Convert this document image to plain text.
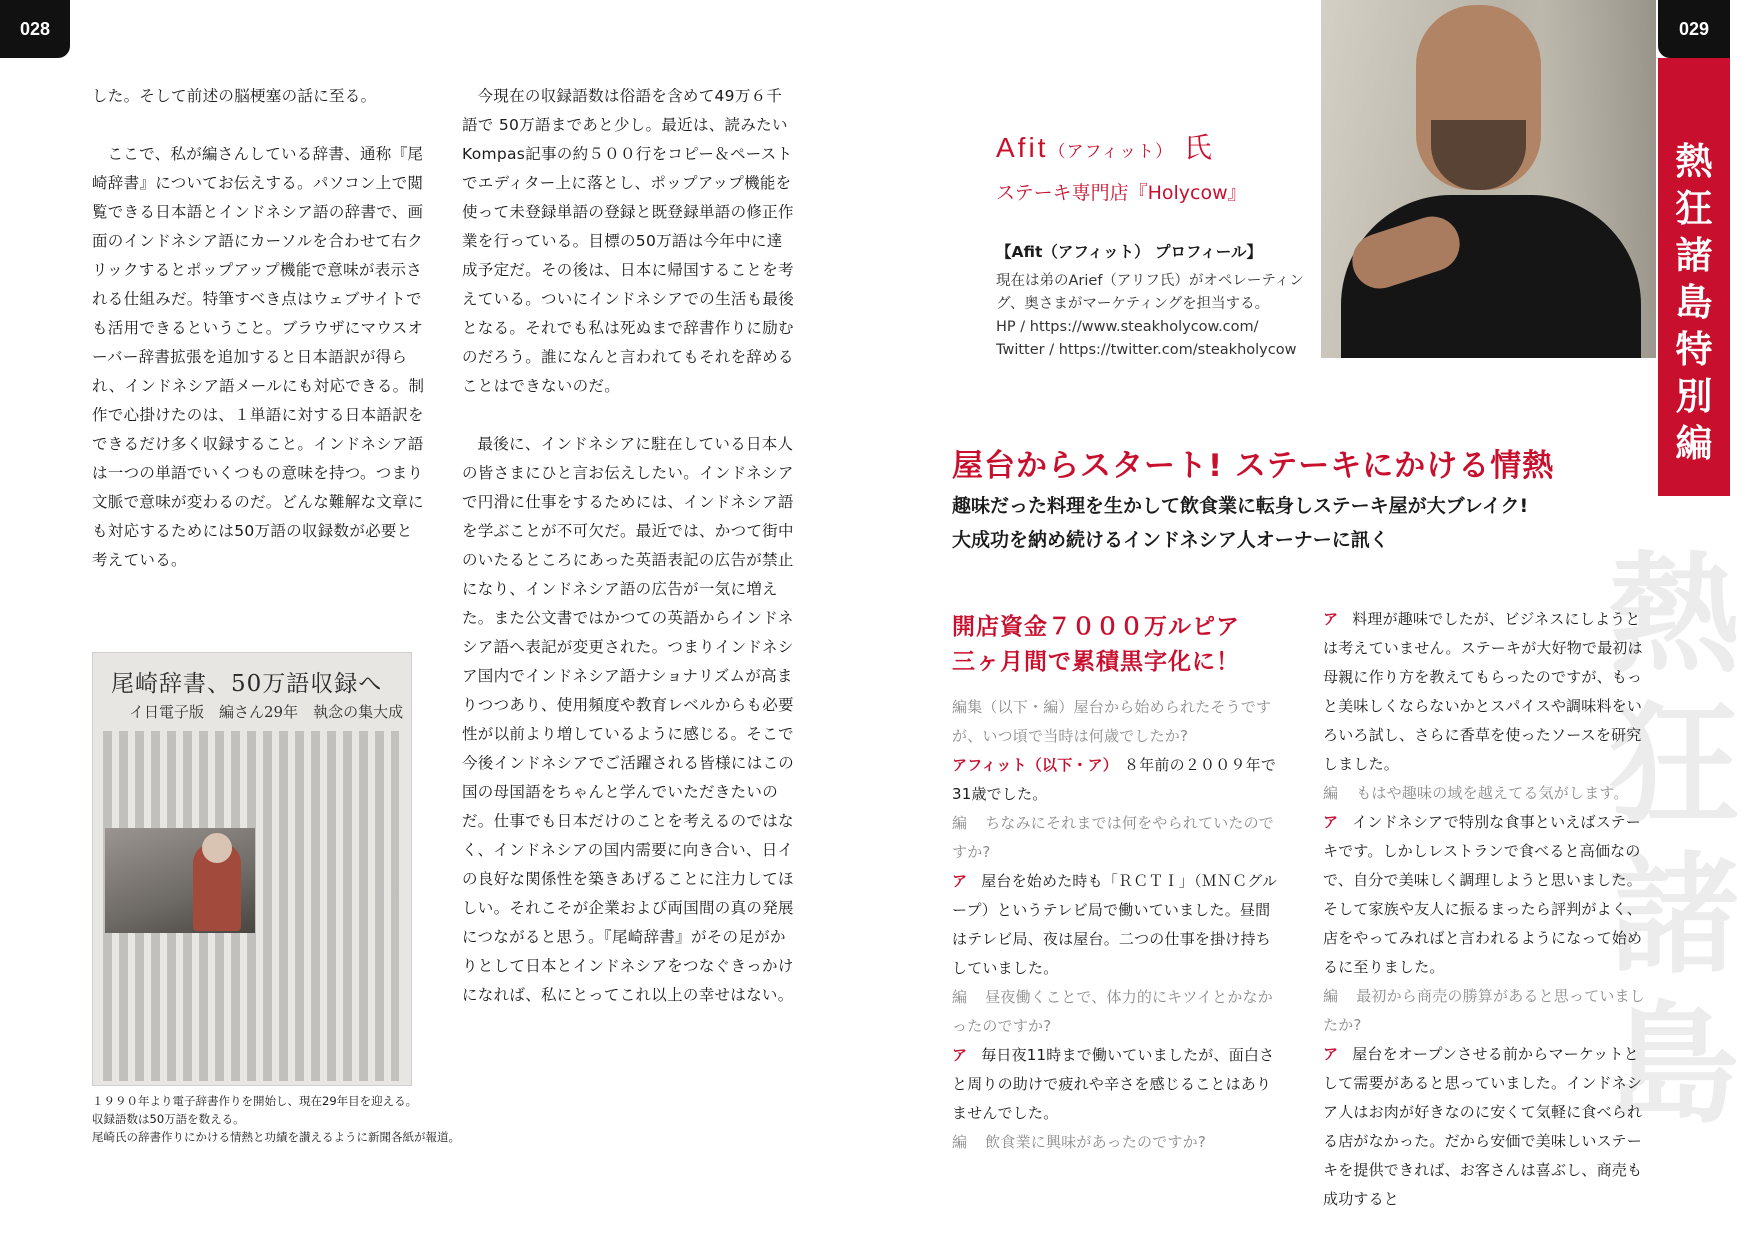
028	029

した。そして前述の脳梗塞の話に至る。

ここで、私が編さんしている辞書、通称『尾崎辞書』についてお伝えする。パソコン上で閲覧できる日本語とインドネシア語の辞書で、画面のインドネシア語にカーソルを合わせて右クリックするとポップアップ機能で意味が表示される仕組みだ。特筆すべき点はウェブサイトでも活用できるということ。ブラウザにマウスオーバー辞書拡張を追加すると日本語訳が得られ、インドネシア語メールにも対応できる。制作で心掛けたのは、１単語に対する日本語訳をできるだけ多く収録すること。インドネシア語は一つの単語でいくつもの意味を持つ。つまり文脈で意味が変わるのだ。どんな難解な文章にも対応するためには50万語の収録数が必要と考えている。

今現在の収録語数は俗語を含めて49万６千語で 50万語まであと少し。最近は、読みたいKompas記事の約５００行をコピー＆ペーストでエディター上に落とし、ポップアップ機能を使って未登録単語の登録と既登録単語の修正作業を行っている。目標の50万語は今年中に達成予定だ。その後は、日本に帰国することを考えている。ついにインドネシアでの生活も最後となる。それでも私は死ぬまで辞書作りに励むのだろう。誰になんと言われてもそれを辞めることはできないのだ。

最後に、インドネシアに駐在している日本人の皆さまにひと言お伝えしたい。インドネシアで円滑に仕事をするためには、インドネシア語を学ぶことが不可欠だ。最近では、かつて街中のいたるところにあった英語表記の広告が禁止になり、インドネシア語の広告が一気に増えた。また公文書ではかつての英語からインドネシア語へ表記が変更された。つまりインドネシア国内でインドネシア語ナショナリズムが高まりつつあり、使用頻度や教育レベルからも必要性が以前より増しているように感じる。そこで今後インドネシアでご活躍される皆様にはこの国の母国語をちゃんと学んでいただきたいのだ。仕事でも日本だけのことを考えるのではなく、インドネシアの国内需要に向き合い、日イの良好な関係性を築きあげることに注力してほしい。それこそが企業および両国間の真の発展につながると思う。『尾崎辞書』がその足がかりとして日本とインドネシアをつなぐきっかけになれば、私にとってこれ以上の幸せはない。

尾崎辞書、50万語収録へ
イ日電子版　編さん29年　執念の集大成

１９９０年より電子辞書作りを開始し、現在29年目を迎える。

収録語数は50万語を数える。

尾崎氏の辞書作りにかける情熱と功績を讃えるように新聞各紙が報道。

Afit（アフィット） 氏
ステーキ専門店『Holycow』
【Afit（アフィット） プロフィール】

現在は弟のArief（アリフ氏）がオペレーティン

グ、奥さまがマーケティングを担当する。

HP / https://www.steakholycow.com/

Twitter / https://twitter.com/steakholycow

熱
狂
諸
島
特
別
編
熱
狂
諸
島
屋台からスタート! ステーキにかける情熱

趣味だった料理を生かして飲食業に転身しステーキ屋が大ブレイク!

大成功を納め続けるインドネシア人オーナーに訊く

開店資金７０００万ルピア

三ヶ月間で累積黒字化に！

編集（以下・編）屋台から始められたそうですが、いつ頃で当時は何歳でしたか?

アフィット（以下・ア） ８年前の２００９年で31歳でした。

編 ちなみにそれまでは何をやられていたのですか?

ア 屋台を始めた時も「ＲＣＴＩ」（ＭＮＣグループ）というテレビ局で働いていました。昼間はテレビ局、夜は屋台。二つの仕事を掛け持ちしていました。

編 昼夜働くことで、体力的にキツイとかなかったのですか?

ア 毎日夜11時まで働いていましたが、面白さと周りの助けで疲れや辛さを感じることはありませんでした。

編 飲食業に興味があったのですか?

ア 料理が趣味でしたが、ビジネスにしようとは考えていません。ステーキが大好物で最初は母親に作り方を教えてもらったのですが、もっと美味しくならないかとスパイスや調味料をいろいろ試し、さらに香草を使ったソースを研究しました。

編 もはや趣味の域を越えてる気がします。

ア インドネシアで特別な食事といえばステーキです。しかしレストランで食べると高価なので、自分で美味しく調理しようと思いました。そして家族や友人に振るまったら評判がよく、店をやってみればと言われるようになって始めるに至りました。

編 最初から商売の勝算があると思っていましたか?

ア 屋台をオープンさせる前からマーケットとして需要があると思っていました。インドネシア人はお肉が好きなのに安くて気軽に食べられる店がなかった。だから安価で美味しいステーキを提供できれば、お客さんは喜ぶし、商売も成功すると
